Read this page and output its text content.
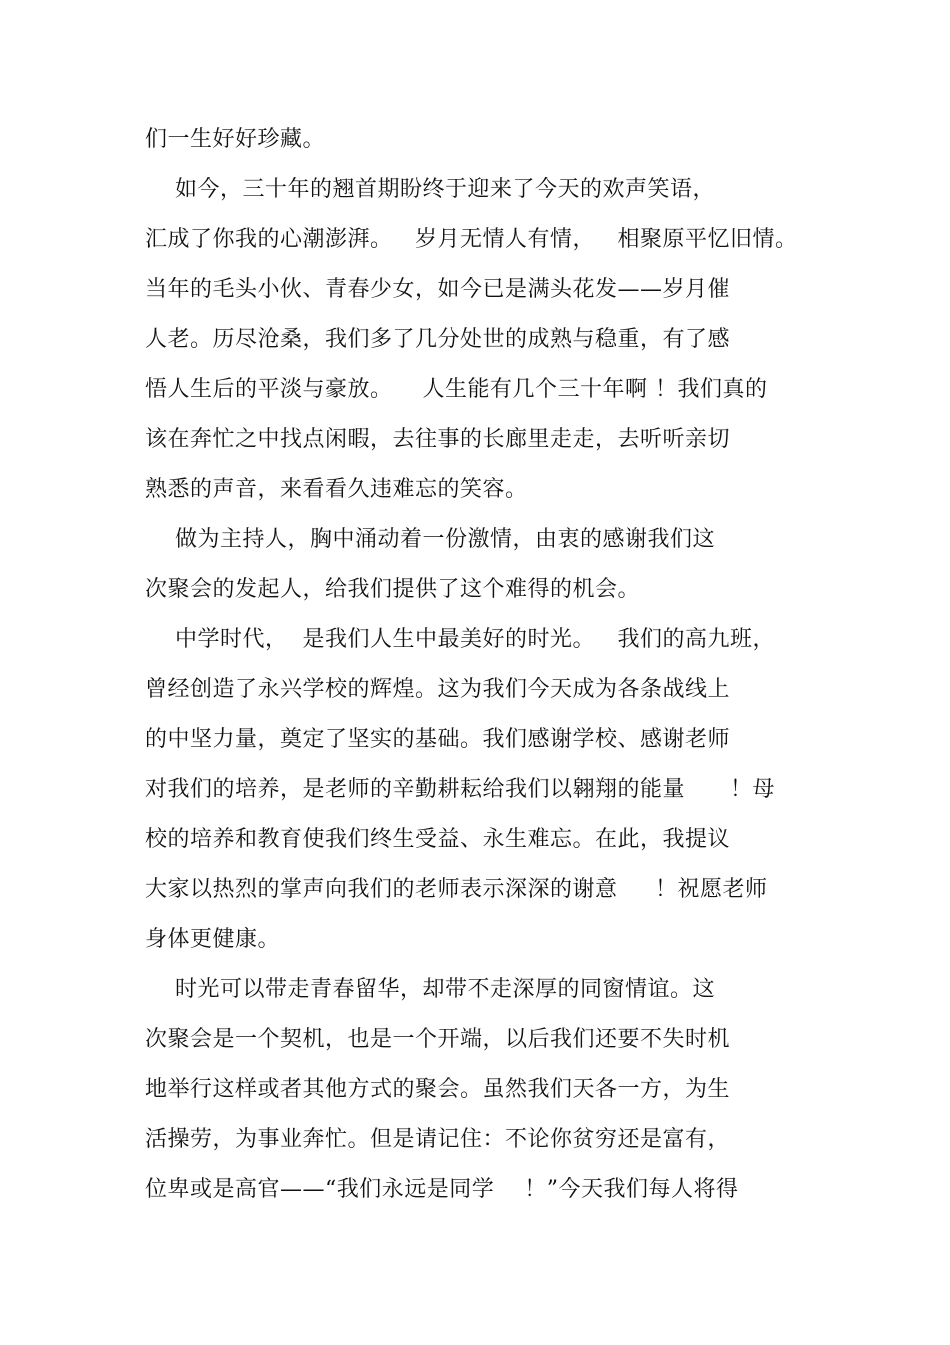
们一生好好珍藏。
如今，三十年的翘首期盼终于迎来了今天的欢声笑语，
汇成了你我的心潮澎湃。   岁月无情人有情，   相聚原平忆旧情。
当年的毛头小伙、青春少女，如今已是满头花发——岁月催
人老。历尽沧桑，我们多了几分处世的成熟与稳重，有了感
悟人生后的平淡与豪放。    人生能有几个三十年啊 ！我们真的
该在奔忙之中找点闲暇，去往事的长廊里走走，去听听亲切
熟悉的声音，来看看久违难忘的笑容。
做为主持人，胸中涌动着一份激情，由衷的感谢我们这
次聚会的发起人，给我们提供了这个难得的机会。
中学时代，  是我们人生中最美好的时光。   我们的高九班，
曾经创造了永兴学校的辉煌。这为我们今天成为各条战线上
的中坚力量，奠定了坚实的基础。我们感谢学校、感谢老师
对我们的培养，是老师的辛勤耕耘给我们以翱翔的能量      ！母
校的培养和教育使我们终生受益、永生难忘。在此，我提议
大家以热烈的掌声向我们的老师表示深深的谢意     ！祝愿老师
身体更健康。
时光可以带走青春留华，却带不走深厚的同窗情谊。这
次聚会是一个契机，也是一个开端，以后我们还要不失时机
地举行这样或者其他方式的聚会。虽然我们天各一方，为生
活操劳，为事业奔忙。但是请记住：不论你贫穷还是富有，
位卑或是高官——“我们永远是同学    ！”今天我们每人将得
